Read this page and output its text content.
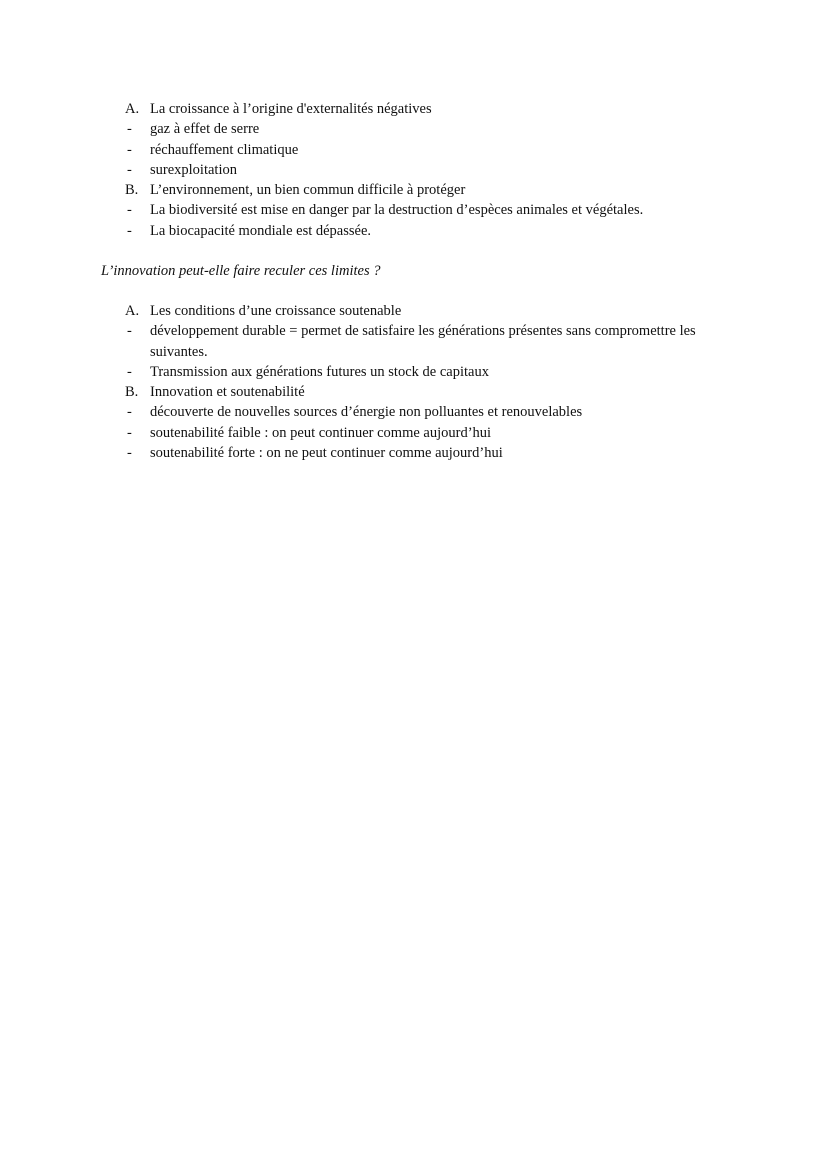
A. La croissance à l’origine d'externalités négatives
- gaz à effet de serre
- réchauffement climatique
- surexploitation
B. L’environnement, un bien commun difficile à protéger
- La biodiversité est mise en danger par la destruction d’espèces animales et végétales.
- La biocapacité mondiale est dépassée.
L’innovation peut-elle faire reculer ces limites ?
A. Les conditions d’une croissance soutenable
- développement durable = permet de satisfaire les générations présentes sans compromettre les
suivantes.
- Transmission aux générations futures un stock de capitaux
B. Innovation et soutenabilité
- découverte de nouvelles sources d’énergie non polluantes et renouvelables
- soutenabilité faible : on peut continuer comme aujourd’hui
- soutenabilité forte : on ne peut continuer comme aujourd’hui
